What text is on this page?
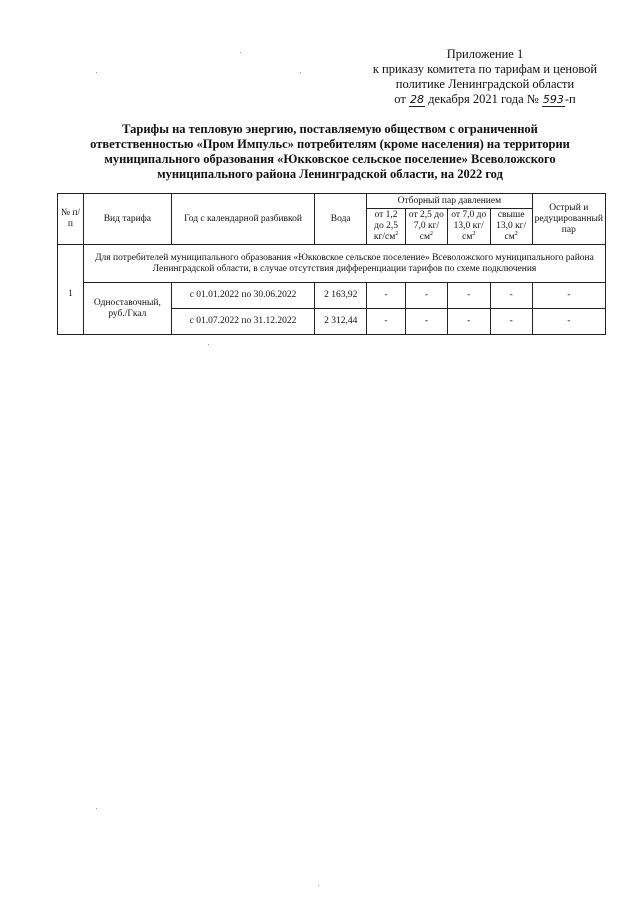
Приложение 1
к приказу комитета по тарифам и ценовой
политике Ленинградской области
от 28 декабря 2021 года № 593-п
Тарифы на тепловую энергию, поставляемую обществом с ограниченной
ответственностью «Пром Импульс» потребителям (кроме населения) на территории
муниципального образования «Юкковское сельское поселение» Всеволожского
муниципального района Ленинградской области, на 2022 год
№ п/п	Вид тарифа	Год с календарной разбивкой	Вода	Отборный пар давлением				Острый и редуцированный пар
				от 1,2 до 2,5 $кг/см^2$	от 2,5 до 7,0 $кг/см^2$	от 7,0 до 13,0 $кг/см^2$	свыше 13,0 $кг/см^2$
1	Для потребителей муниципального образования «Юкковское сельское поселение» Всеволожского муниципального района Ленинградской области, в случае отсутствия дифференциации тарифов по схеме подключения							
	Одноставочный, руб./Гкал	с 01.01.2022 по 30.06.2022	2 163,92	-	-	-	-	-
		с 01.07.2022 по 31.12.2022	2 312,44	-	-	-	-	-
